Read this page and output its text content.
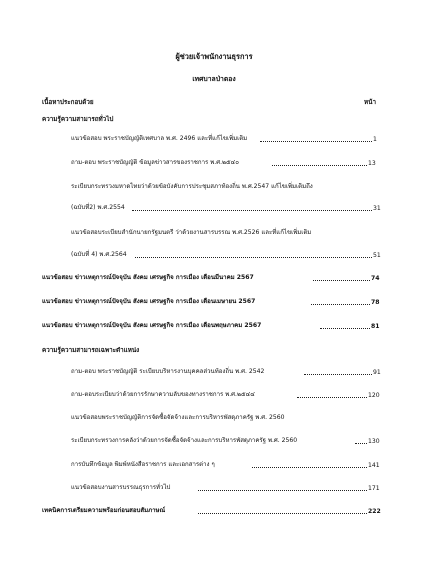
ผู้ช่วยเจ้าพนักงานธุรการ
เทศบาลป่าตอง
เนื้อหาประกอบด้วย	หน้า
ความรู้ความสามารถทั่วไป
แนวข้อสอบ พระราชบัญญัติเทศบาล พ.ศ. 2496 และที่แก้ไขเพิ่มเติม	1
ถาม-ตอบ พระราชบัญญัติ ข้อมูลข่าวสารของราชการ พ.ศ.๒๕๔๐	13
ระเบียบกระทรวงมหาดไทยว่าด้วยข้อบังคับการประชุมสภาท้องถิ่น พ.ศ.2547 แก้ไขเพิ่มเติมถึง
(ฉบับที่2) พ.ศ.2554	31
แนวข้อสอบระเบียบสำนักนายกรัฐมนตรี ว่าด้วยงานสารบรรณ พ.ศ.2526 และที่แก้ไขเพิ่มเติม
(ฉบับที่ 4) พ.ศ.2564	51
แนวข้อสอบ ข่าวเหตุการณ์ปัจจุบัน สังคม เศรษฐกิจ การเมือง เดือนมีนาคม 2567	74
แนวข้อสอบ ข่าวเหตุการณ์ปัจจุบัน สังคม เศรษฐกิจ การเมือง เดือนเมษายน 2567	78
แนวข้อสอบ ข่าวเหตุการณ์ปัจจุบัน สังคม เศรษฐกิจ การเมือง เดือนพฤษภาคม 2567	81
ความรู้ความสามารถเฉพาะตำแหน่ง
ถาม-ตอบ พระราชบัญญัติ ระเบียบบริหารงานบุคคลส่วนท้องถิ่น พ.ศ. 2542	91
ถาม-ตอบระเบียบว่าด้วยการรักษาความลับของทางราชการ พ.ศ.๒๕๔๔	120
แนวข้อสอบพระราชบัญญัติการจัดซื้อจัดจ้างและการบริหารพัสดุภาครัฐ พ.ศ. 2560
ระเบียบกระทรวงการคลังว่าด้วยการจัดซื้อจัดจ้างและการบริหารพัสดุภาครัฐ พ.ศ. 2560	130
การบันทึกข้อมูล พิมพ์หนังสือราชการ และเอกสารต่าง ๆ	141
แนวข้อสอบงานสารบรรณธุรการทั่วไป	171
เทคนิคการเตรียมความพร้อมก่อนสอบสัมภาษณ์	222
